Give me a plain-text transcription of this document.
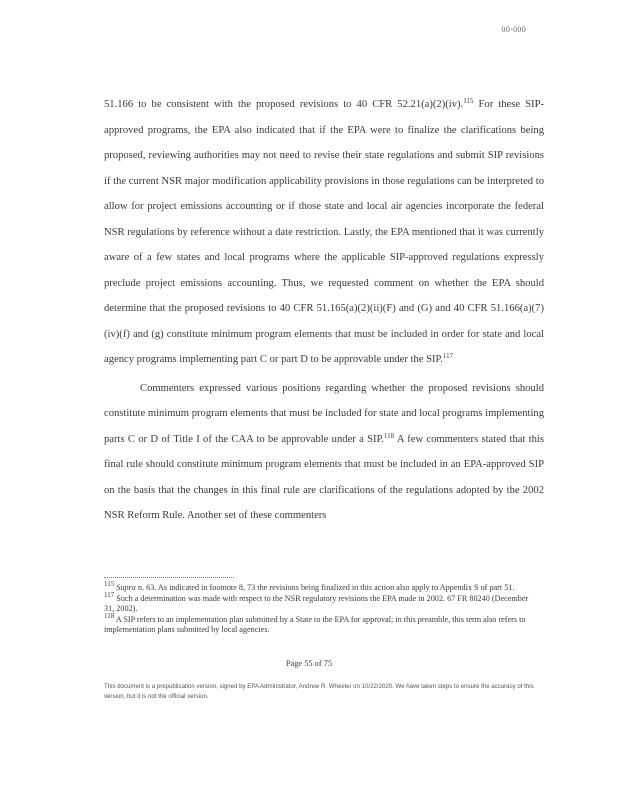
00-000

51.166 to be consistent with the proposed revisions to 40 CFR 52.21(a)(2)(iv).$^{115}$ For these SIP-approved programs, the EPA also indicated that if the EPA were to finalize the clarifications being proposed, reviewing authorities may not need to revise their state regulations and submit SIP revisions if the current NSR major modification applicability provisions in those regulations can be interpreted to allow for project emissions accounting or if those state and local air agencies incorporate the federal NSR regulations by reference without a date restriction. Lastly, the EPA mentioned that it was currently aware of a few states and local programs where the applicable SIP-approved regulations expressly preclude project emissions accounting. Thus, we requested comment on whether the EPA should determine that the proposed revisions to 40 CFR 51.165(a)(2)(ii)(F) and (G) and 40 CFR 51.166(a)(7)(iv)(f) and (g) constitute minimum program elements that must be included in order for state and local agency programs implementing part C or part D to be approvable under the SIP.$^{117}$

Commenters expressed various positions regarding whether the proposed revisions should constitute minimum program elements that must be included for state and local programs implementing parts C or D of Title I of the CAA to be approvable under a SIP.$^{118}$ A few commenters stated that this final rule should constitute minimum program elements that must be included in an EPA-approved SIP on the basis that the changes in this final rule are clarifications of the regulations adopted by the 2002 NSR Reform Rule. Another set of these commenters

$^{115}$ Supra n. 63. As indicated in footnote 8, 73 the revisions being finalized in this action also apply to Appendix S of part 51.

$^{117}$ Such a determination was made with respect to the NSR regulatory revisions the EPA made in 2002. 67 FR 80240 (December 31, 2002).

$^{118}$ A SIP refers to an implementation plan submitted by a State to the EPA for approval; in this preamble, this term also refers to implementation plans submitted by local agencies.

Page 55 of 75
This document is a prepublication version, signed by EPA Administrator, Andrew R. Wheeler on 10/22/2020. We have taken steps to ensure the accuracy of this version, but it is not the official version.
